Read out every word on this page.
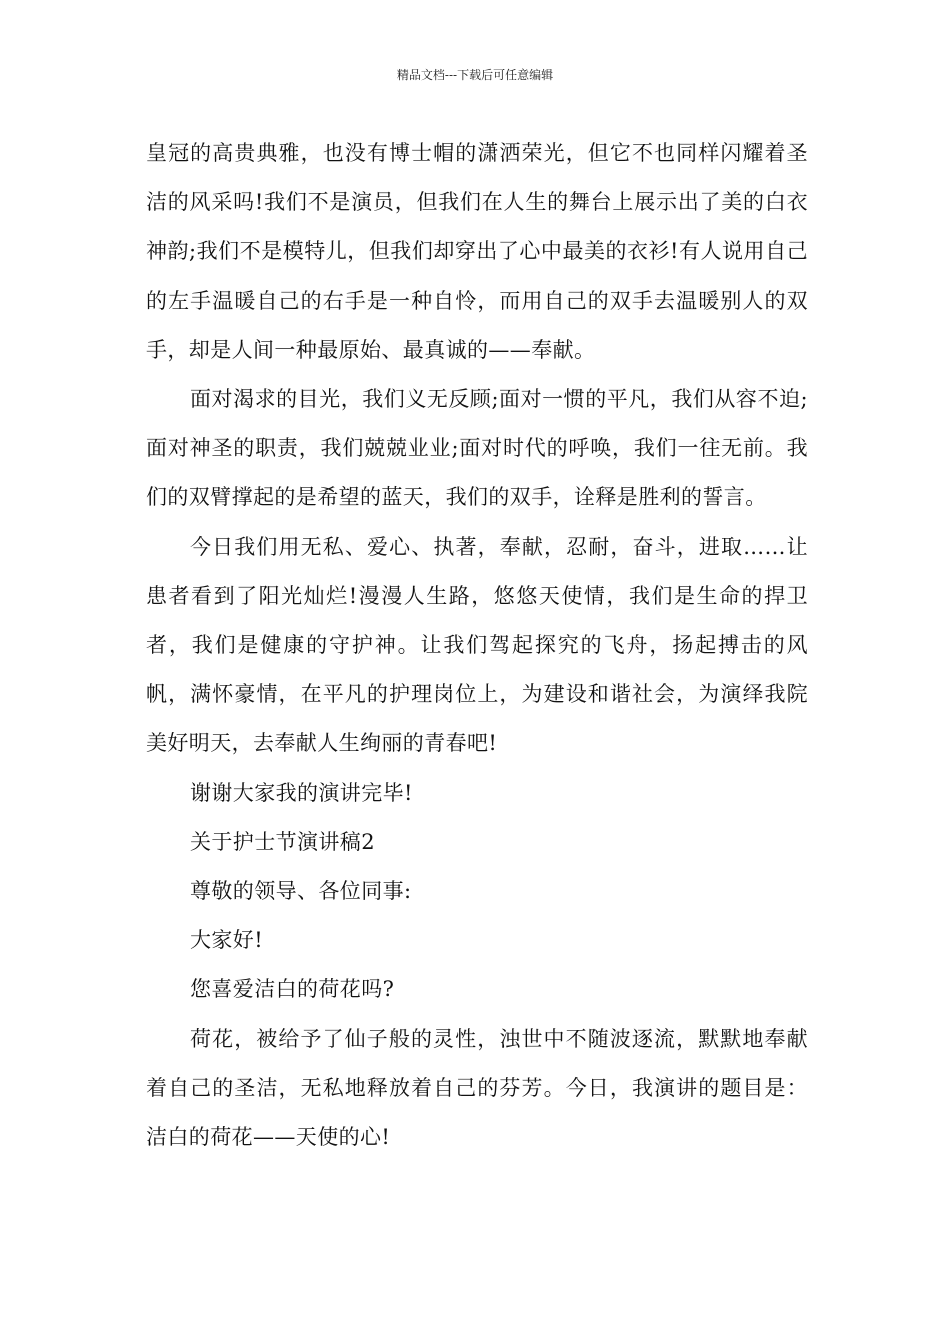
精品文档---下载后可任意编辑

皇冠的高贵典雅，也没有博士帽的潇洒荣光，但它不也同样闪耀着圣洁的风采吗!我们不是演员，但我们在人生的舞台上展示出了美的白衣神韵;我们不是模特儿，但我们却穿出了心中最美的衣衫!有人说用自己的左手温暖自己的右手是一种自怜，而用自己的双手去温暖别人的双手，却是人间一种最原始、最真诚的——奉献。

面对渴求的目光，我们义无反顾;面对一惯的平凡，我们从容不迫;面对神圣的职责，我们兢兢业业;面对时代的呼唤，我们一往无前。我们的双臂撑起的是希望的蓝天，我们的双手，诠释是胜利的誓言。

今日我们用无私、爱心、执著，奉献，忍耐，奋斗，进取……让患者看到了阳光灿烂!漫漫人生路，悠悠天使情，我们是生命的捍卫者，我们是健康的守护神。让我们驾起探究的飞舟，扬起搏击的风帆，满怀豪情，在平凡的护理岗位上，为建设和谐社会，为演绎我院美好明天，去奉献人生绚丽的青春吧!

谢谢大家我的演讲完毕!

关于护士节演讲稿2

尊敬的领导、各位同事:

大家好!

您喜爱洁白的荷花吗?

荷花，被给予了仙子般的灵性，浊世中不随波逐流，默默地奉献着自己的圣洁，无私地释放着自己的芬芳。今日，我演讲的题目是：洁白的荷花——天使的心!
